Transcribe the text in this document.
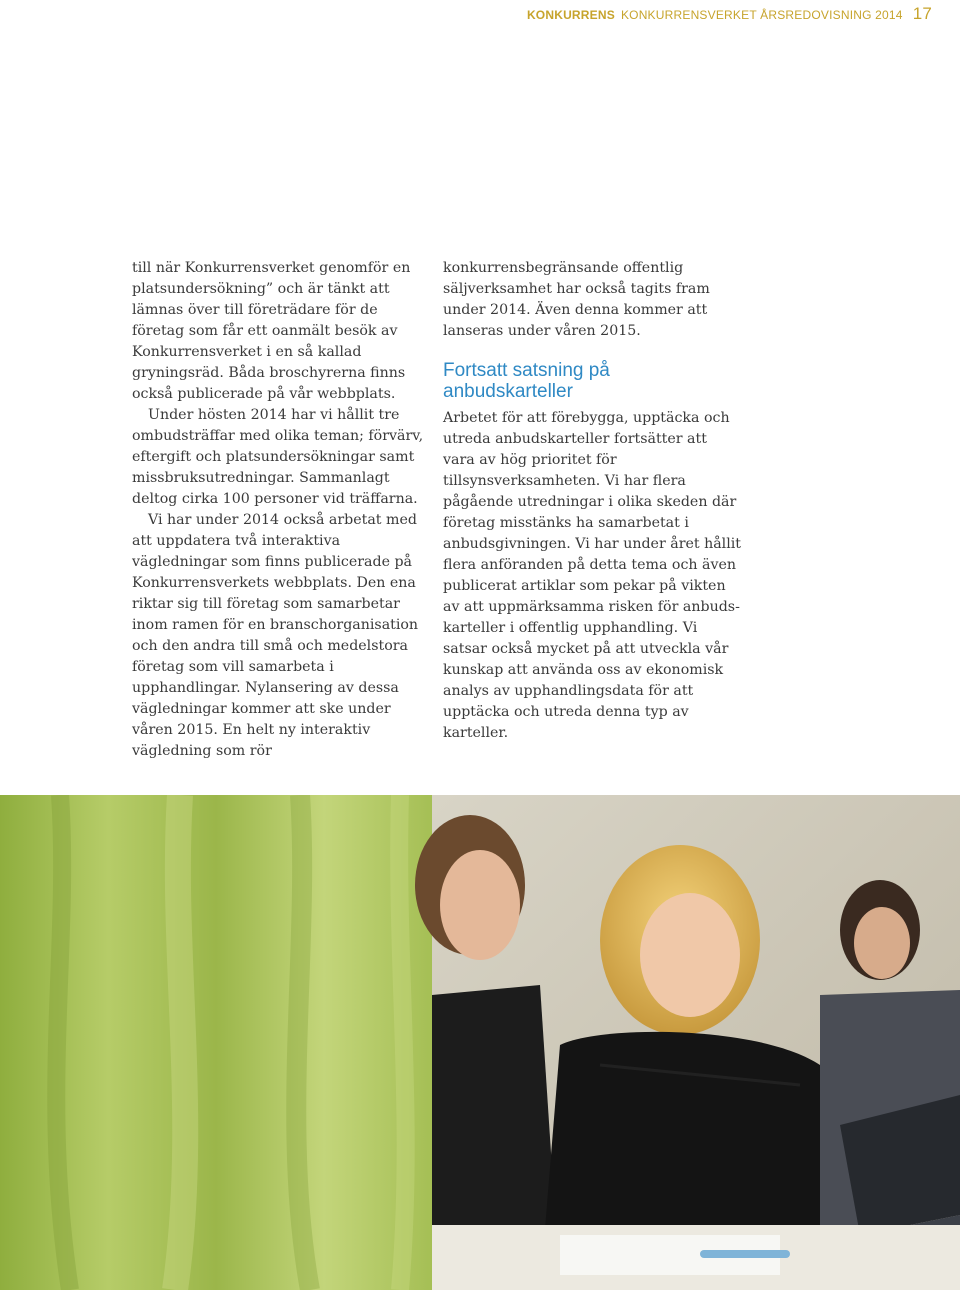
KONKURRENS KONKURRENSVERKET ÅRSREDOVISNING 2014 17

till när Konkurrensverket genomför en platsundersökning” och är tänkt att lämnas över till företrädare för de företag som får ett oanmält besök av Konkurrensverket i en så kallad gryningsräd. Båda broschyrerna finns också publicerade på vår webbplats.

Under hösten 2014 har vi hållit tre ombudsträffar med olika teman; förvärv, eftergift och platsundersökningar samt missbruksutredningar. Sammanlagt deltog cirka 100 personer vid träffarna.

Vi har under 2014 också arbetat med att uppdatera två interaktiva vägledningar som finns publicerade på Konkurrensverkets webbplats. Den ena riktar sig till företag som samarbetar inom ramen för en branschorganisation och den andra till små och medelstora företag som vill samarbeta i upphandlingar. Nylansering av dessa vägledningar kommer att ske under våren 2015. En helt ny interaktiv vägledning som rör

konkurrensbegränsande offentlig säljverksamhet har också tagits fram under 2014. Även denna kommer att lanseras under våren 2015.

Fortsatt satsning på anbudskarteller

Arbetet för att förebygga, upptäcka och utreda anbudskarteller fortsätter att vara av hög prioritet för tillsynsverksamheten. Vi har flera pågående utredningar i olika skeden där företag misstänks ha samarbetat i anbudsgivningen. Vi har under året hållit flera anföranden på detta tema och även publicerat artiklar som pekar på vikten av att uppmärksamma risken för anbudskarteller i offentlig upphandling. Vi satsar också mycket på att utveckla vår kunskap att använda oss av ekonomisk analys av upphandlingsdata för att upptäcka och utreda denna typ av karteller.
